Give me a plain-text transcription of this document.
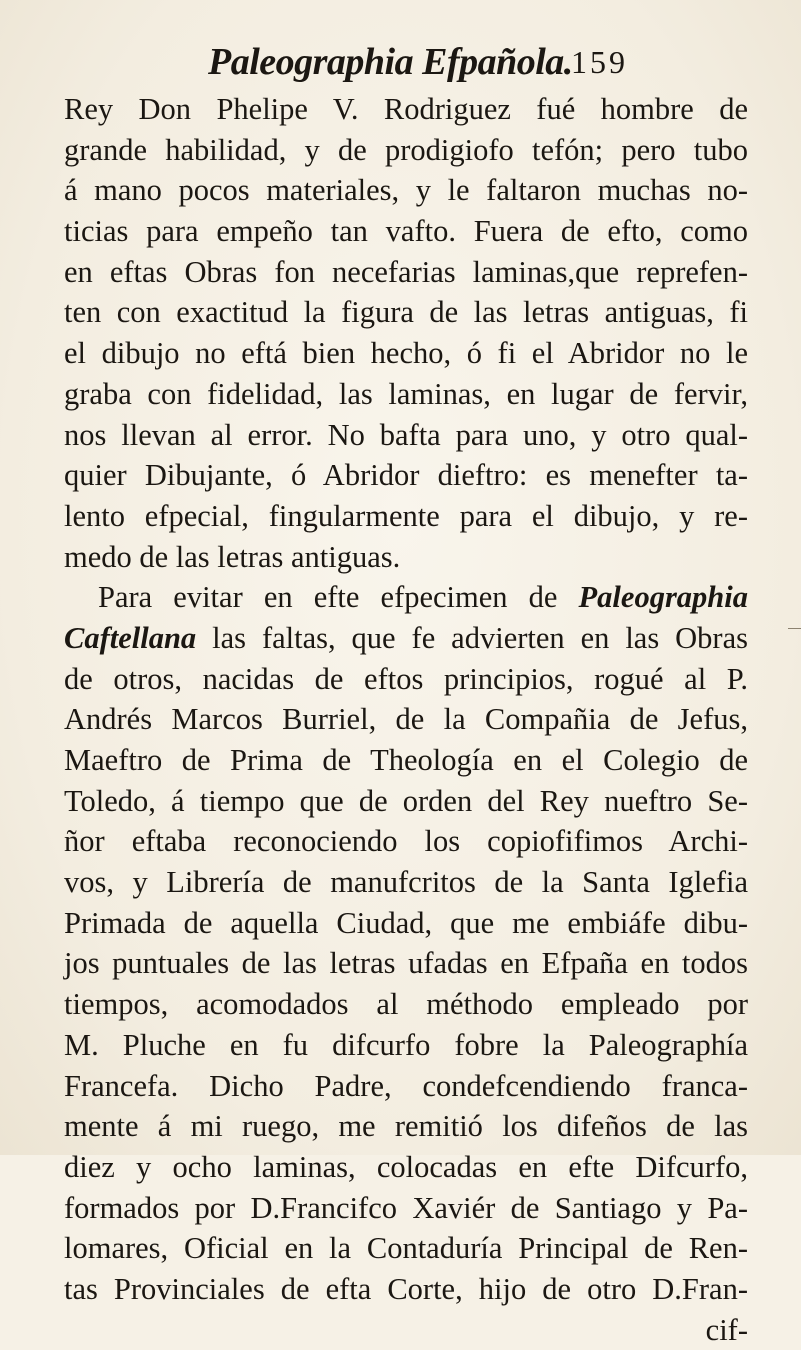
Paleographia Efpañola.
159
Rey Don Phelipe V. Rodriguez fué hombre de
grande habilidad, y de prodigiofo tefón; pero tubo
á mano pocos materiales, y le faltaron muchas no-
ticias para empeño tan vafto. Fuera de efto, como
en eftas Obras fon necefarias laminas,que reprefen-
ten con exactitud la figura de las letras antiguas, fi
el dibujo no eftá bien hecho, ó fi el Abridor no le
graba con fidelidad, las laminas, en lugar de fervir,
nos llevan al error. No bafta para uno, y otro qual-
quier Dibujante, ó Abridor dieftro: es menefter ta-
lento efpecial, fingularmente para el dibujo, y re-
medo de las letras antiguas.
Para evitar en efte efpecimen de Paleographia
Caftellana las faltas, que fe advierten en las Obras
de otros, nacidas de eftos principios, rogué al P.
Andrés Marcos Burriel, de la Compañia de Jefus,
Maeftro de Prima de Theología en el Colegio de
Toledo, á tiempo que de orden del Rey nueftro Se-
ñor eftaba reconociendo los copiofifimos Archi-
vos, y Librería de manufcritos de la Santa Iglefia
Primada de aquella Ciudad, que me embiáfe dibu-
jos puntuales de las letras ufadas en Efpaña en todos
tiempos, acomodados al méthodo empleado por
M. Pluche en fu difcurfo fobre la Paleographía
Francefa. Dicho Padre, condefcendiendo franca-
mente á mi ruego, me remitió los difeños de las
diez y ocho laminas, colocadas en efte Difcurfo,
formados por D.Francifco Xaviér de Santiago y Pa-
lomares, Oficial en la Contaduría Principal de Ren-
tas Provinciales de efta Corte, hijo de otro D.Fran-
cif-
